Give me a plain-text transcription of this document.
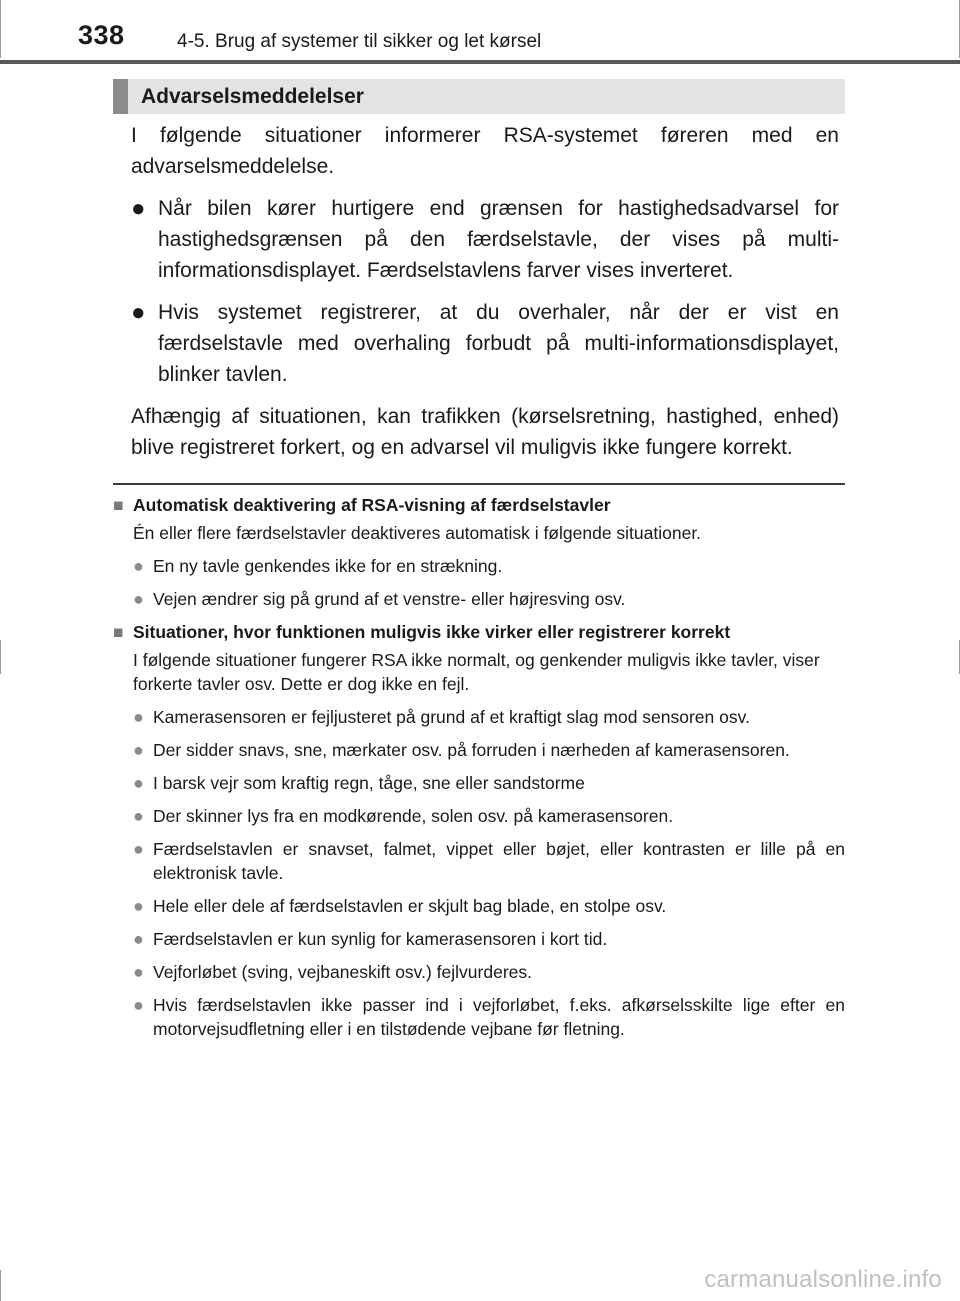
338	4-5. Brug af systemer til sikker og let kørsel
Advarselsmeddelelser

I følgende situationer informerer RSA-systemet føreren med en advarselsmeddelelse.

● Når bilen kører hurtigere end grænsen for hastighedsadvarsel for hastighedsgrænsen på den færdselstavle, der vises på multi-informationsdisplayet. Færdselstavlens farver vises inverteret.
● Hvis systemet registrerer, at du overhaler, når der er vist en færdselstavle med overhaling forbudt på multi-informationsdisplayet, blinker tavlen.

Afhængig af situationen, kan trafikken (kørselsretning, hastighed, enhed) blive registreret forkert, og en advarsel vil muligvis ikke fungere korrekt.

■ Automatisk deaktivering af RSA-visning af færdselstavler
Én eller flere færdselstavler deaktiveres automatisk i følgende situationer.
● En ny tavle genkendes ikke for en strækning.
● Vejen ændrer sig på grund af et venstre- eller højresving osv.
■ Situationer, hvor funktionen muligvis ikke virker eller registrerer korrekt
I følgende situationer fungerer RSA ikke normalt, og genkender muligvis ikke tavler, viser forkerte tavler osv. Dette er dog ikke en fejl.
● Kamerasensoren er fejljusteret på grund af et kraftigt slag mod sensoren osv.
● Der sidder snavs, sne, mærkater osv. på forruden i nærheden af kamerasensoren.
● I barsk vejr som kraftig regn, tåge, sne eller sandstorme
● Der skinner lys fra en modkørende, solen osv. på kamerasensoren.
● Færdselstavlen er snavset, falmet, vippet eller bøjet, eller kontrasten er lille på en elektronisk tavle.
● Hele eller dele af færdselstavlen er skjult bag blade, en stolpe osv.
● Færdselstavlen er kun synlig for kamerasensoren i kort tid.
● Vejforløbet (sving, vejbaneskift osv.) fejlvurderes.
● Hvis færdselstavlen ikke passer ind i vejforløbet, f.eks. afkørselsskilte lige efter en motorvejsudfletning eller i en tilstødende vejbane før fletning.
carmanualsonline.info
